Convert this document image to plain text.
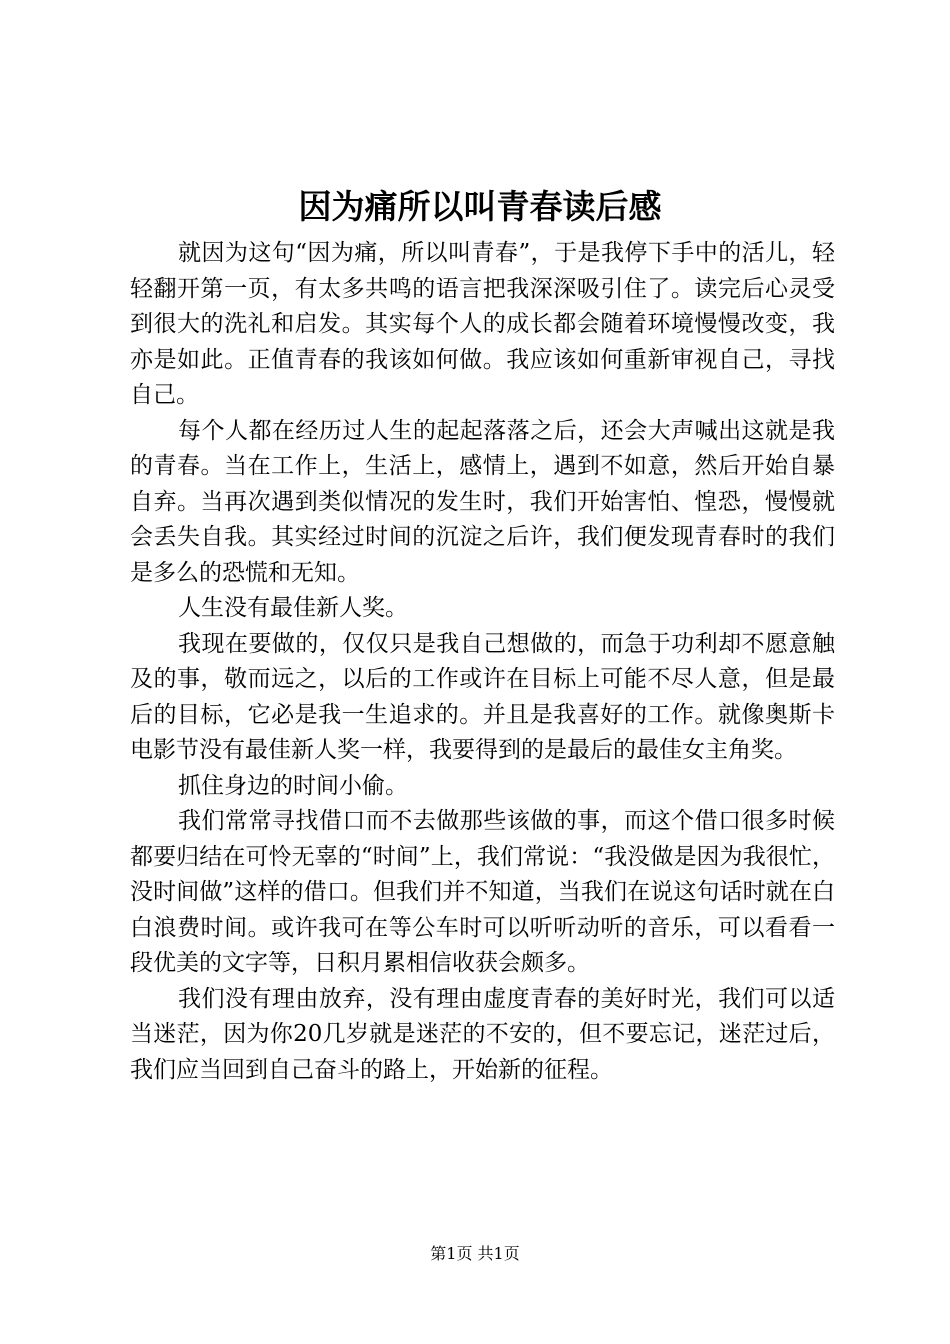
因为痛所以叫青春读后感

就因为这句“因为痛，所以叫青春”，于是我停下手中的活儿，轻轻翻开第一页，有太多共鸣的语言把我深深吸引住了。读完后心灵受到很大的洗礼和启发。其实每个人的成长都会随着环境慢慢改变，我亦是如此。正值青春的我该如何做。我应该如何重新审视自己，寻找自己。

每个人都在经历过人生的起起落落之后，还会大声喊出这就是我的青春。当在工作上，生活上，感情上，遇到不如意，然后开始自暴自弃。当再次遇到类似情况的发生时，我们开始害怕、惶恐，慢慢就会丢失自我。其实经过时间的沉淀之后许，我们便发现青春时的我们是多么的恐慌和无知。

人生没有最佳新人奖。

我现在要做的，仅仅只是我自己想做的，而急于功利却不愿意触及的事，敬而远之，以后的工作或许在目标上可能不尽人意，但是最后的目标，它必是我一生追求的。并且是我喜好的工作。就像奥斯卡电影节没有最佳新人奖一样，我要得到的是最后的最佳女主角奖。

抓住身边的时间小偷。

我们常常寻找借口而不去做那些该做的事，而这个借口很多时候都要归结在可怜无辜的“时间”上，我们常说：“我没做是因为我很忙，没时间做”这样的借口。但我们并不知道，当我们在说这句话时就在白白浪费时间。或许我可在等公车时可以听听动听的音乐，可以看看一段优美的文字等，日积月累相信收获会颇多。

我们没有理由放弃，没有理由虚度青春的美好时光，我们可以适当迷茫，因为你20几岁就是迷茫的不安的，但不要忘记，迷茫过后，我们应当回到自己奋斗的路上，开始新的征程。

第1页 共1页
